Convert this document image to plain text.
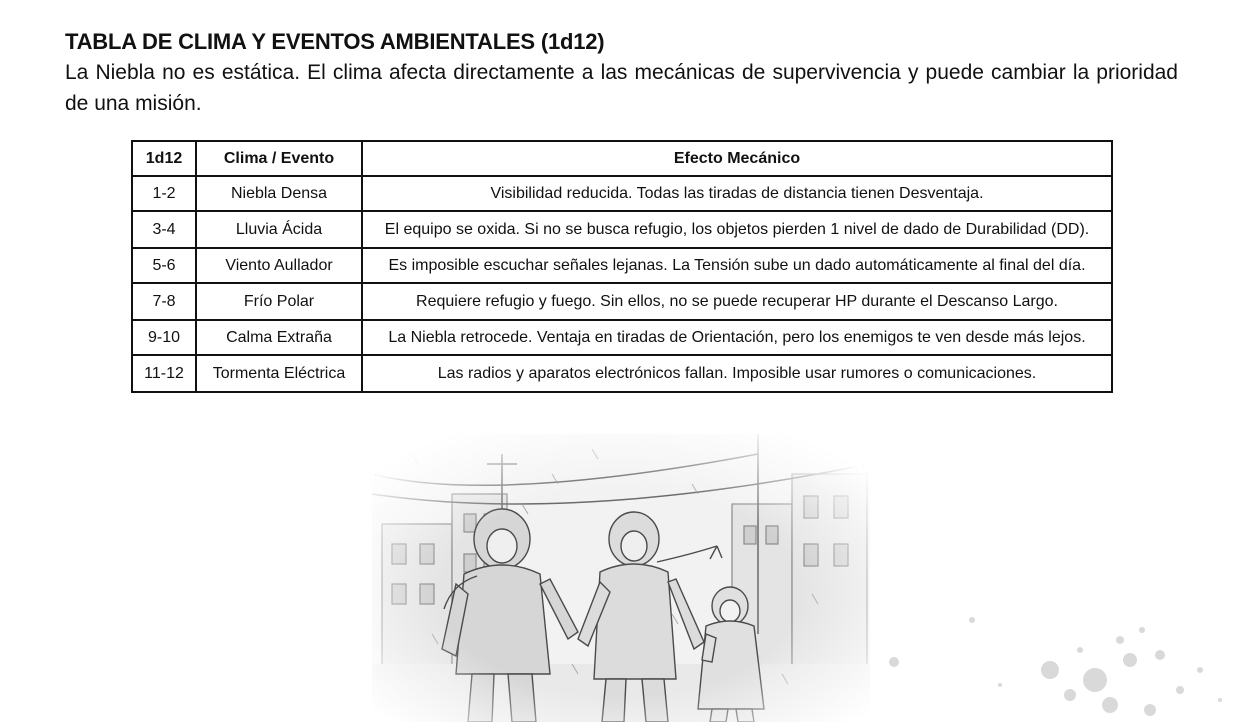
TABLA DE CLIMA Y EVENTOS AMBIENTALES (1d12)
La Niebla no es estática. El clima afecta directamente a las mecánicas de supervivencia y puede cambiar la prioridad de una misión.
1d12	Clima / Evento	Efecto Mecánico
1-2	Niebla Densa	Visibilidad reducida. Todas las tiradas de distancia tienen Desventaja.
3-4	Lluvia Ácida	El equipo se oxida. Si no se busca refugio, los objetos pierden 1 nivel de dado de Durabilidad (DD).
5-6	Viento Aullador	Es imposible escuchar señales lejanas. La Tensión sube un dado automáticamente al final del día.
7-8	Frío Polar	Requiere refugio y fuego. Sin ellos, no se puede recuperar HP durante el Descanso Largo.
9-10	Calma Extraña	La Niebla retrocede. Ventaja en tiradas de Orientación, pero los enemigos te ven desde más lejos.
11-12	Tormenta Eléctrica	Las radios y aparatos electrónicos fallan. Imposible usar rumores o comunicaciones.
